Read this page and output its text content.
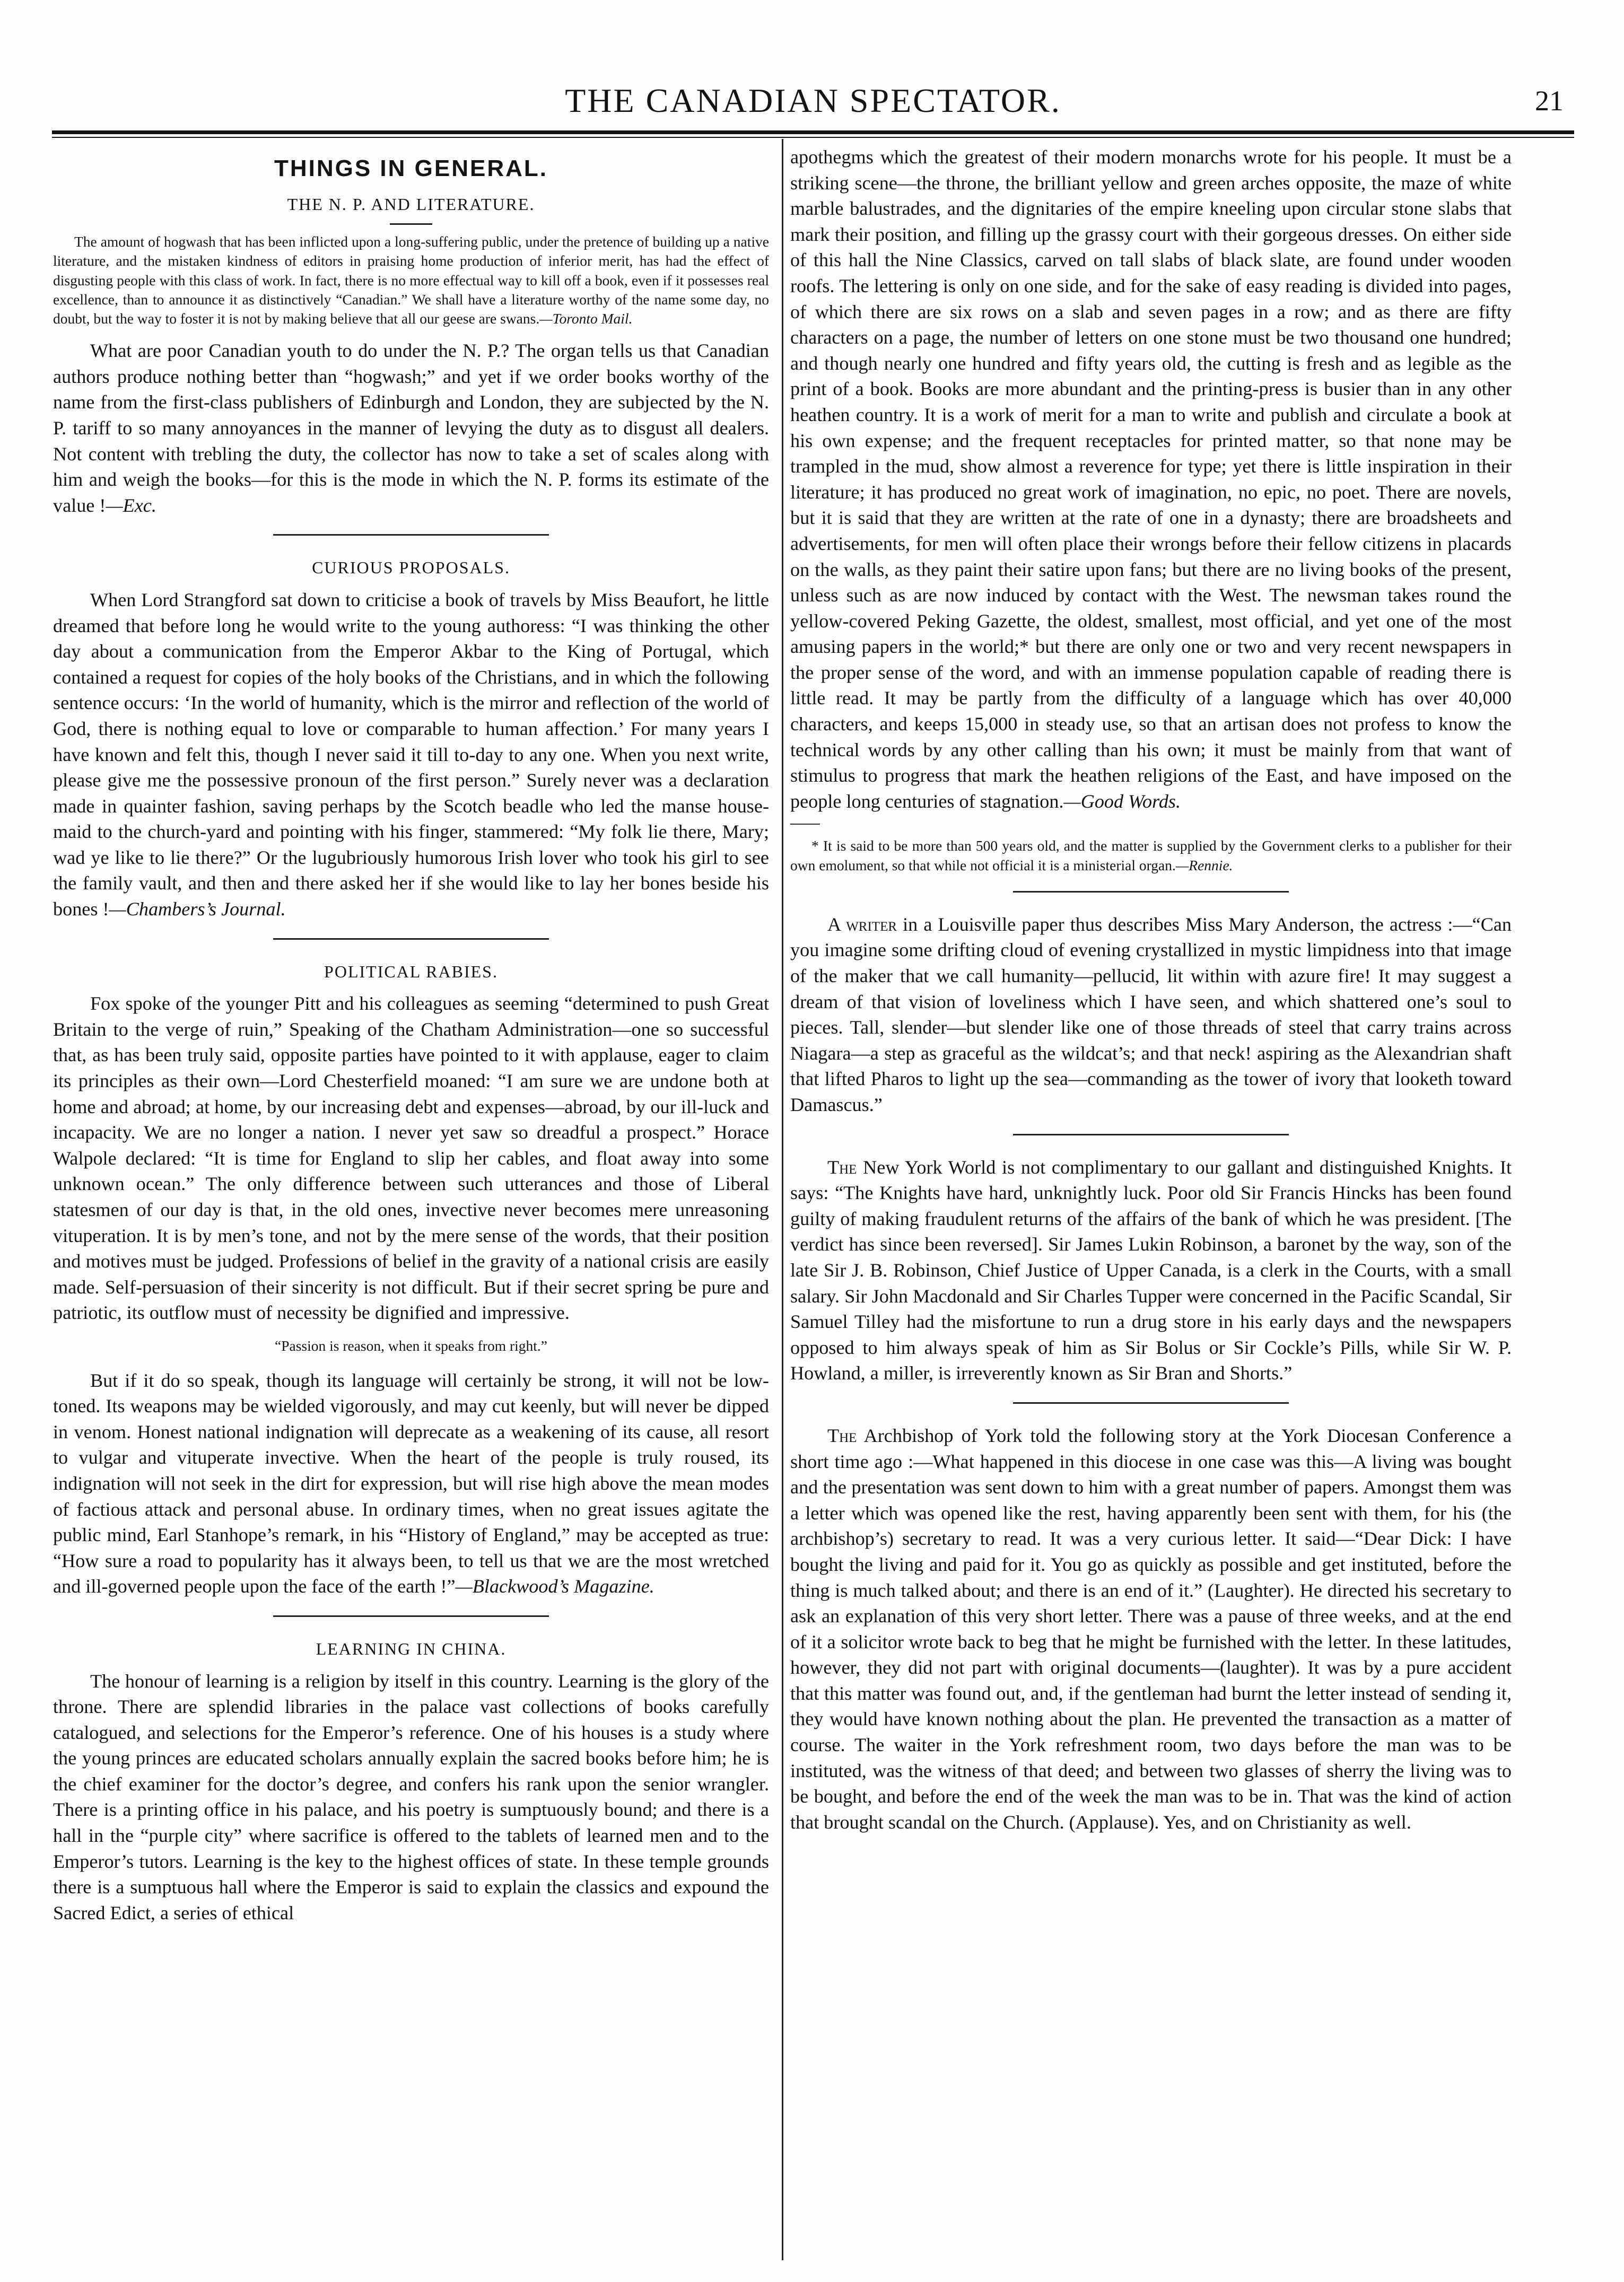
THE CANADIAN SPECTATOR.	21
THINGS IN GENERAL.
THE N. P. AND LITERATURE.

The amount of hogwash that has been inflicted upon a long-suffering public, under the pretence of building up a native literature, and the mistaken kindness of editors in praising home production of inferior merit, has had the effect of disgusting people with this class of work. In fact, there is no more effectual way to kill off a book, even if it possesses real excellence, than to announce it as distinctively “Canadian.” We shall have a literature worthy of the name some day, no doubt, but the way to foster it is not by making believe that all our geese are swans.—Toronto Mail.

What are poor Canadian youth to do under the N. P.? The organ tells us that Canadian authors produce nothing better than “hogwash;” and yet if we order books worthy of the name from the first-class publishers of Edinburgh and London, they are subjected by the N. P. tariff to so many annoyances in the manner of levying the duty as to disgust all dealers. Not content with trebling the duty, the collector has now to take a set of scales along with him and weigh the books—for this is the mode in which the N. P. forms its estimate of the value !—Exc.

CURIOUS PROPOSALS.

When Lord Strangford sat down to criticise a book of travels by Miss Beaufort, he little dreamed that before long he would write to the young authoress: “I was thinking the other day about a communication from the Emperor Akbar to the King of Portugal, which contained a request for copies of the holy books of the Christians, and in which the following sentence occurs: ‘In the world of humanity, which is the mirror and reflection of the world of God, there is nothing equal to love or comparable to human affection.’ For many years I have known and felt this, though I never said it till to-day to any one. When you next write, please give me the possessive pronoun of the first person.” Surely never was a declaration made in quainter fashion, saving perhaps by the Scotch beadle who led the manse house-maid to the church-yard and pointing with his finger, stammered: “My folk lie there, Mary; wad ye like to lie there?” Or the lugubriously humorous Irish lover who took his girl to see the family vault, and then and there asked her if she would like to lay her bones beside his bones !—Chambers’s Journal.

POLITICAL RABIES.

Fox spoke of the younger Pitt and his colleagues as seeming “determined to push Great Britain to the verge of ruin,” Speaking of the Chatham Administration—one so successful that, as has been truly said, opposite parties have pointed to it with applause, eager to claim its principles as their own—Lord Chesterfield moaned: “I am sure we are undone both at home and abroad; at home, by our increasing debt and expenses—abroad, by our ill-luck and incapacity. We are no longer a nation. I never yet saw so dreadful a prospect.” Horace Walpole declared: “It is time for England to slip her cables, and float away into some unknown ocean.” The only difference between such utterances and those of Liberal statesmen of our day is that, in the old ones, invective never becomes mere unreasoning vituperation. It is by men’s tone, and not by the mere sense of the words, that their position and motives must be judged. Professions of belief in the gravity of a national crisis are easily made. Self-persuasion of their sincerity is not difficult. But if their secret spring be pure and patriotic, its outflow must of necessity be dignified and impressive.

“Passion is reason, when it speaks from right.”

But if it do so speak, though its language will certainly be strong, it will not be low-toned. Its weapons may be wielded vigorously, and may cut keenly, but will never be dipped in venom. Honest national indignation will deprecate as a weakening of its cause, all resort to vulgar and vituperate invective. When the heart of the people is truly roused, its indignation will not seek in the dirt for expression, but will rise high above the mean modes of factious attack and personal abuse. In ordinary times, when no great issues agitate the public mind, Earl Stanhope’s remark, in his “History of England,” may be accepted as true: “How sure a road to popularity has it always been, to tell us that we are the most wretched and ill-governed people upon the face of the earth !”—Blackwood’s Magazine.

LEARNING IN CHINA.

The honour of learning is a religion by itself in this country. Learning is the glory of the throne. There are splendid libraries in the palace vast collections of books carefully catalogued, and selections for the Emperor’s reference. One of his houses is a study where the young princes are educated scholars annually explain the sacred books before him; he is the chief examiner for the doctor’s degree, and confers his rank upon the senior wrangler. There is a printing office in his palace, and his poetry is sumptuously bound; and there is a hall in the “purple city” where sacrifice is offered to the tablets of learned men and to the Emperor’s tutors. Learning is the key to the highest offices of state. In these temple grounds there is a sumptuous hall where the Emperor is said to explain the classics and expound the Sacred Edict, a series of ethical

apothegms which the greatest of their modern monarchs wrote for his people. It must be a striking scene—the throne, the brilliant yellow and green arches opposite, the maze of white marble balustrades, and the dignitaries of the empire kneeling upon circular stone slabs that mark their position, and filling up the grassy court with their gorgeous dresses. On either side of this hall the Nine Classics, carved on tall slabs of black slate, are found under wooden roofs. The lettering is only on one side, and for the sake of easy reading is divided into pages, of which there are six rows on a slab and seven pages in a row; and as there are fifty characters on a page, the number of letters on one stone must be two thousand one hundred; and though nearly one hundred and fifty years old, the cutting is fresh and as legible as the print of a book. Books are more abundant and the printing-press is busier than in any other heathen country. It is a work of merit for a man to write and publish and circulate a book at his own expense; and the frequent receptacles for printed matter, so that none may be trampled in the mud, show almost a reverence for type; yet there is little inspiration in their literature; it has produced no great work of imagination, no epic, no poet. There are novels, but it is said that they are written at the rate of one in a dynasty; there are broadsheets and advertisements, for men will often place their wrongs before their fellow citizens in placards on the walls, as they paint their satire upon fans; but there are no living books of the present, unless such as are now induced by contact with the West. The newsman takes round the yellow-covered Peking Gazette, the oldest, smallest, most official, and yet one of the most amusing papers in the world;* but there are only one or two and very recent newspapers in the proper sense of the word, and with an immense population capable of reading there is little read. It may be partly from the difficulty of a language which has over 40,000 characters, and keeps 15,000 in steady use, so that an artisan does not profess to know the technical words by any other calling than his own; it must be mainly from that want of stimulus to progress that mark the heathen religions of the East, and have imposed on the people long centuries of stagnation.—Good Words.

* It is said to be more than 500 years old, and the matter is supplied by the Government clerks to a publisher for their own emolument, so that while not official it is a ministerial organ.—Rennie.

A writer in a Louisville paper thus describes Miss Mary Anderson, the actress :—“Can you imagine some drifting cloud of evening crystallized in mystic limpidness into that image of the maker that we call humanity—pellucid, lit within with azure fire! It may suggest a dream of that vision of loveliness which I have seen, and which shattered one’s soul to pieces. Tall, slender—but slender like one of those threads of steel that carry trains across Niagara—a step as graceful as the wildcat’s; and that neck! aspiring as the Alexandrian shaft that lifted Pharos to light up the sea—commanding as the tower of ivory that looketh toward Damascus.”

The New York World is not complimentary to our gallant and distinguished Knights. It says: “The Knights have hard, unknightly luck. Poor old Sir Francis Hincks has been found guilty of making fraudulent returns of the affairs of the bank of which he was president. [The verdict has since been reversed]. Sir James Lukin Robinson, a baronet by the way, son of the late Sir J. B. Robinson, Chief Justice of Upper Canada, is a clerk in the Courts, with a small salary. Sir John Macdonald and Sir Charles Tupper were concerned in the Pacific Scandal, Sir Samuel Tilley had the misfortune to run a drug store in his early days and the newspapers opposed to him always speak of him as Sir Bolus or Sir Cockle’s Pills, while Sir W. P. Howland, a miller, is irreverently known as Sir Bran and Shorts.”

The Archbishop of York told the following story at the York Diocesan Conference a short time ago :—What happened in this diocese in one case was this—A living was bought and the presentation was sent down to him with a great number of papers. Amongst them was a letter which was opened like the rest, having apparently been sent with them, for his (the archbishop’s) secretary to read. It was a very curious letter. It said—“Dear Dick: I have bought the living and paid for it. You go as quickly as possible and get instituted, before the thing is much talked about; and there is an end of it.” (Laughter). He directed his secretary to ask an explanation of this very short letter. There was a pause of three weeks, and at the end of it a solicitor wrote back to beg that he might be furnished with the letter. In these latitudes, however, they did not part with original documents—(laughter). It was by a pure accident that this matter was found out, and, if the gentleman had burnt the letter instead of sending it, they would have known nothing about the plan. He prevented the transaction as a matter of course. The waiter in the York refreshment room, two days before the man was to be instituted, was the witness of that deed; and between two glasses of sherry the living was to be bought, and before the end of the week the man was to be in. That was the kind of action that brought scandal on the Church. (Applause). Yes, and on Christianity as well.
